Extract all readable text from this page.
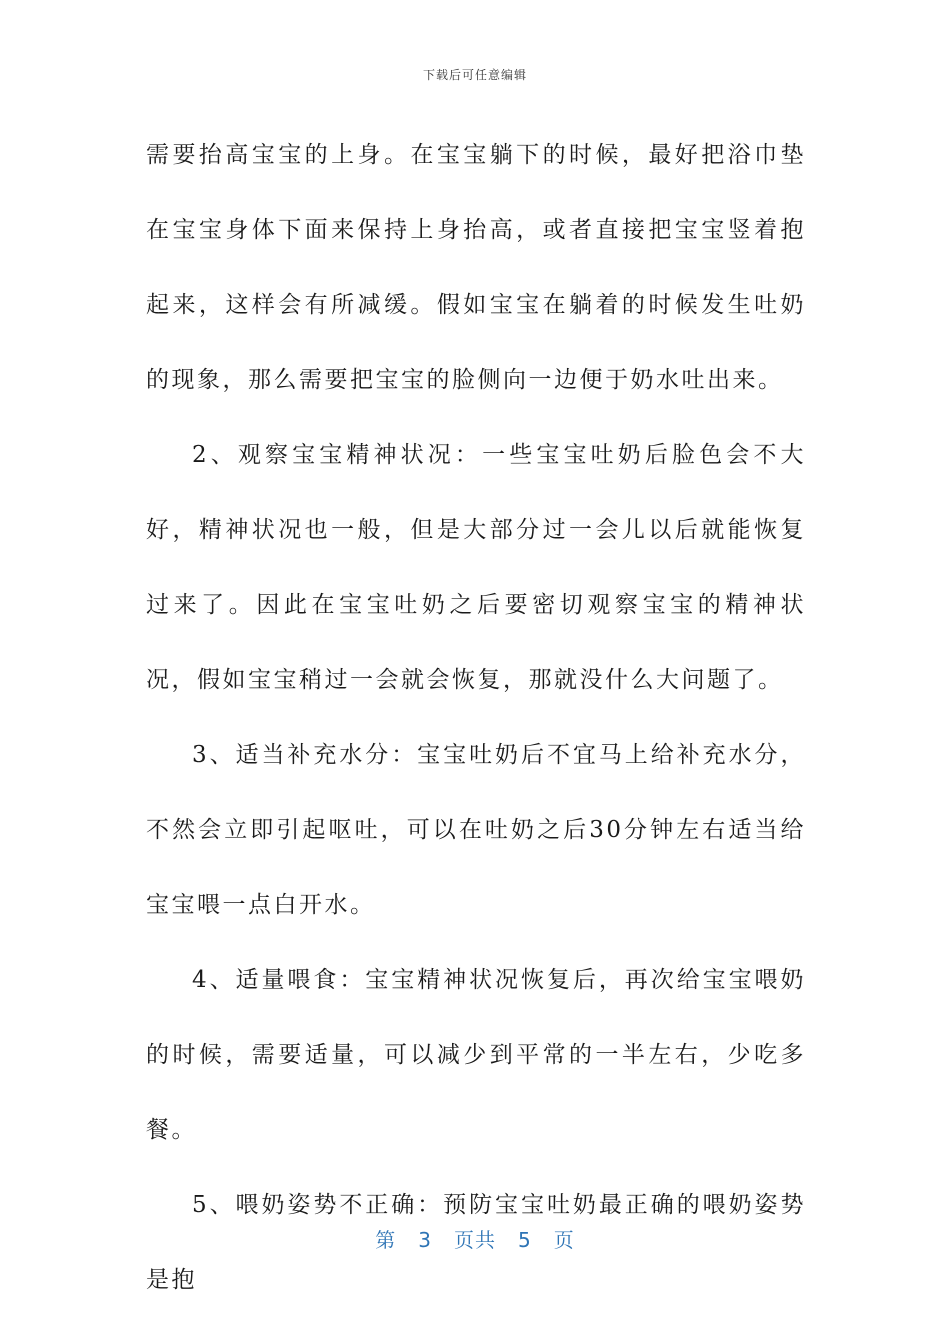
下载后可任意编辑

需要抬高宝宝的上身。在宝宝躺下的时候，最好把浴巾垫在宝宝身体下面来保持上身抬高，或者直接把宝宝竖着抱起来，这样会有所减缓。假如宝宝在躺着的时候发生吐奶的现象，那么需要把宝宝的脸侧向一边便于奶水吐出来。

2、观察宝宝精神状况：一些宝宝吐奶后脸色会不大好，精神状况也一般，但是大部分过一会儿以后就能恢复过来了。因此在宝宝吐奶之后要密切观察宝宝的精神状况，假如宝宝稍过一会就会恢复，那就没什么大问题了。

3、适当补充水分：宝宝吐奶后不宜马上给补充水分，不然会立即引起呕吐，可以在吐奶之后30分钟左右适当给宝宝喂一点白开水。

4、适量喂食：宝宝精神状况恢复后，再次给宝宝喂奶的时候，需要适量，可以减少到平常的一半左右，少吃多餐。

5、喂奶姿势不正确：预防宝宝吐奶最正确的喂奶姿势是抱

第 3 页共 5 页
